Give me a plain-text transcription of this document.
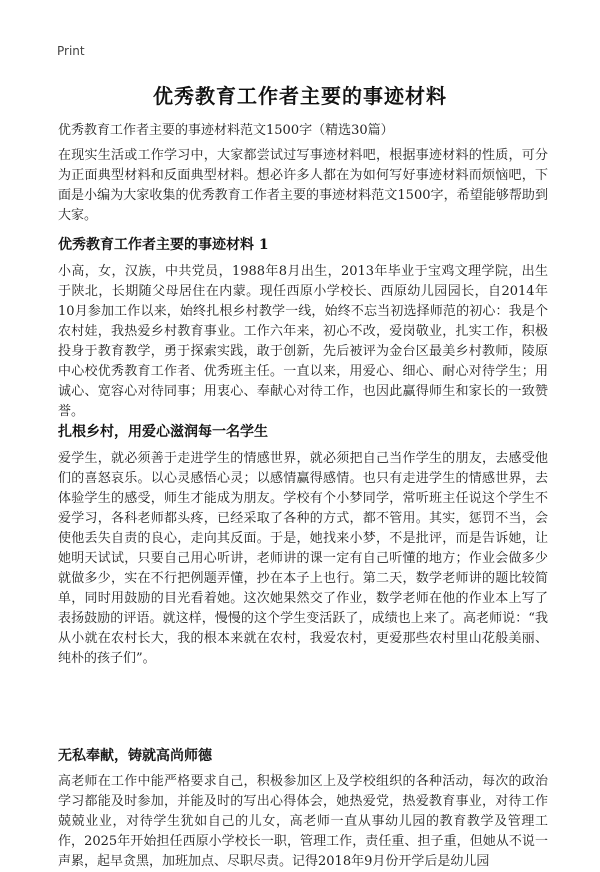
Print
优秀教育工作者主要的事迹材料
优秀教育工作者主要的事迹材料范文1500字（精选30篇）

在现实生活或工作学习中，大家都尝试过写事迹材料吧，根据事迹材料的性质，可分为正面典型材料和反面典型材料。想必许多人都在为如何写好事迹材料而烦恼吧，下面是小编为大家收集的优秀教育工作者主要的事迹材料范文1500字，希望能够帮助到大家。

优秀教育工作者主要的事迹材料 1

小高，女，汉族，中共党员，1988年8月出生，2013年毕业于宝鸡文理学院，出生于陕北，长期随父母居住在内蒙。现任西原小学校长、西原幼儿园园长，自2014年10月参加工作以来，始终扎根乡村教学一线，始终不忘当初选择师范的初心：我是个农村娃，我热爱乡村教育事业。工作六年来，初心不改，爱岗敬业，扎实工作，积极投身于教育教学，勇于探索实践，敢于创新，先后被评为金台区最美乡村教师，陵原中心校优秀教育工作者、优秀班主任。一直以来，用爱心、细心、耐心对待学生；用诚心、宽容心对待同事；用衷心、奉献心对待工作，也因此赢得师生和家长的一致赞誉。

扎根乡村，用爱心滋润每一名学生

爱学生，就必须善于走进学生的情感世界，就必须把自己当作学生的朋友，去感受他们的喜怒哀乐。以心灵感悟心灵；以感情赢得感情。也只有走进学生的情感世界，去体验学生的感受，师生才能成为朋友。学校有个小梦同学，常听班主任说这个学生不爱学习，各科老师都头疼，已经采取了各种的方式，都不管用。其实，惩罚不当，会使他丢失自责的良心，走向其反面。于是，她找来小梦，不是批评，而是告诉她，让她明天试试，只要自己用心听讲，老师讲的课一定有自己听懂的地方；作业会做多少就做多少，实在不行把例题弄懂，抄在本子上也行。第二天，数学老师讲的题比较简单，同时用鼓励的目光看着她。这次她果然交了作业，数学老师在他的作业本上写了表扬鼓励的评语。就这样，慢慢的这个学生变活跃了，成绩也上来了。高老师说：“我从小就在农村长大，我的根本来就在农村，我爱农村，更爱那些农村里山花般美丽、纯朴的孩子们”。

无私奉献，铸就高尚师德

高老师在工作中能严格要求自己，积极参加区上及学校组织的各种活动，每次的政治学习都能及时参加，并能及时的写出心得体会，她热爱党，热爱教育事业，对待工作兢兢业业，对待学生犹如自己的儿女，高老师一直从事幼儿园的教育教学及管理工作，2025年开始担任西原小学校长一职，管理工作，责任重、担子重，但她从不说一声累，起早贪黑，加班加点、尽职尽责。记得2018年9月份开学后是幼儿园
